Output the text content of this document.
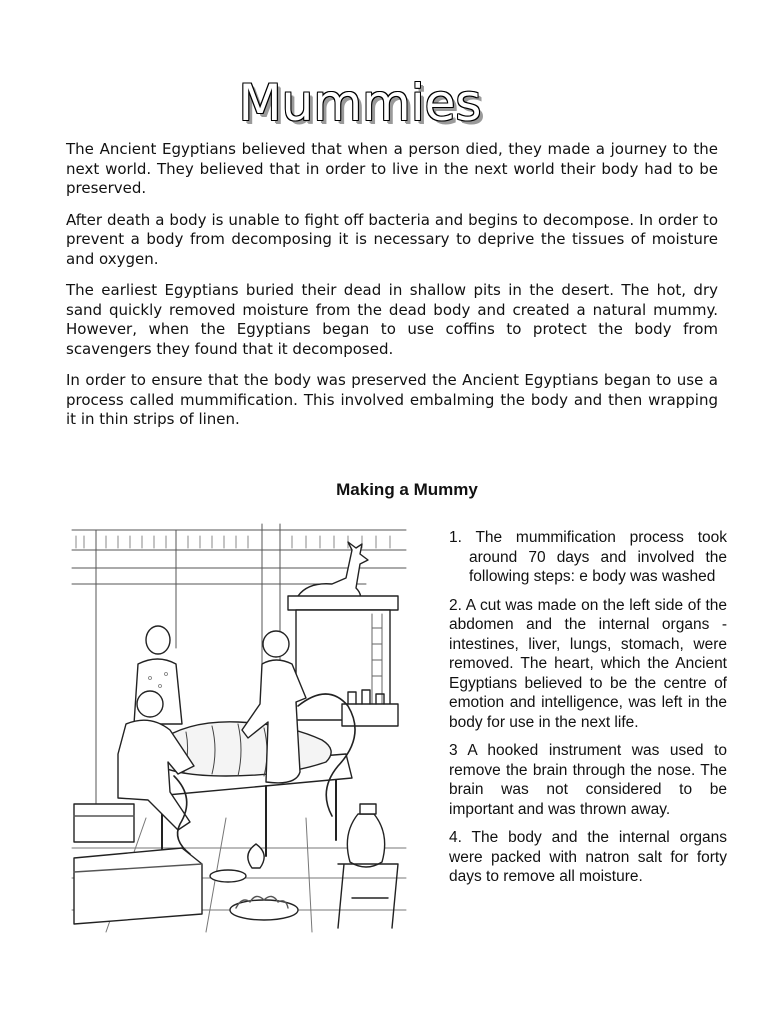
Mummies

The Ancient Egyptians believed that when a person died, they made a journey to the next world. They believed that in order to live in the next world their body had to be preserved.

After death a body is unable to fight off bacteria and begins to decompose. In order to prevent a body from decomposing it is necessary to deprive the tissues of moisture and oxygen.

The earliest Egyptians buried their dead in shallow pits in the desert. The hot, dry sand quickly removed moisture from the dead body and created a natural mummy. However, when the Egyptians began to use coffins to protect the body from scavengers they found that it decomposed.

In order to ensure that the body was preserved the Ancient Egyptians began to use a process called mummification. This involved embalming the body and then wrapping it in thin strips of linen.

Making a Mummy

1. The mummification process took around 70 days and involved the following steps: e body was washed

2. A cut was made on the left side of the abdomen and the internal organs - intestines, liver, lungs, stomach, were removed. The heart, which the Ancient Egyptians believed to be the centre of emotion and intelligence, was left in the body for use in the next life.

3 A hooked instrument was used to remove the brain through the nose. The brain was not considered to be important and was thrown away.

4. The body and the internal organs were packed with natron salt for forty days to remove all moisture.
